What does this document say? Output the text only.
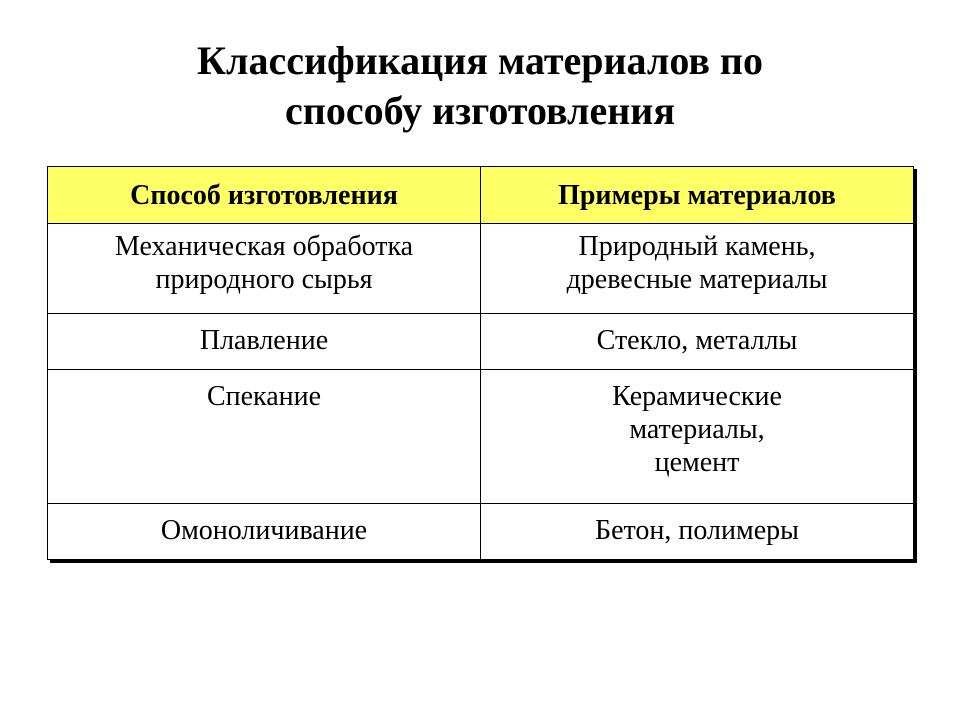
Классификация материалов по
способу изготовления
Способ изготовления	Примеры материалов

Механическая обработка
природного сырья	Природный камень,
древесные материалы

Плавление	Стекло, металлы

Спекание	Керамические
материалы,
цемент

Омоноличивание	Бетон, полимеры
